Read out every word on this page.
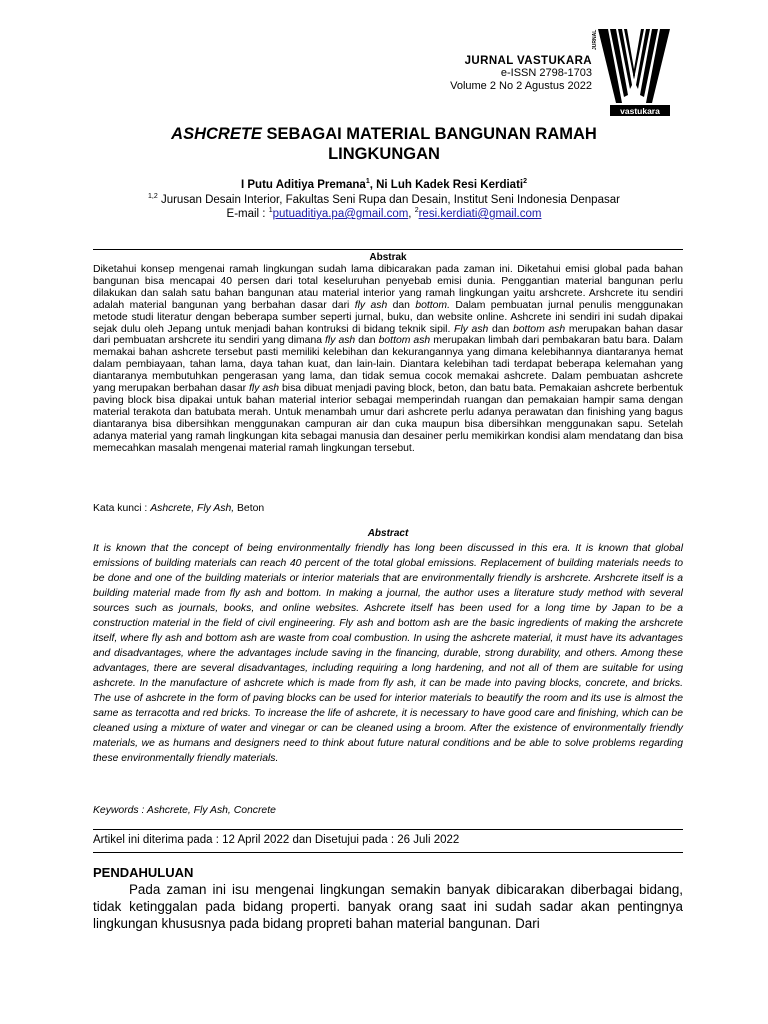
JURNAL VASTUKARA
e-ISSN 2798-1703
Volume 2 No 2 Agustus 2022
JURNAL
vastukara
ASHCRETE SEBAGAI MATERIAL BANGUNAN RAMAH
LINGKUNGAN
I Putu Aditiya Premana$^1$, Ni Luh Kadek Resi Kerdiati$^2$
$^{1,2}$ Jurusan Desain Interior, Fakultas Seni Rupa dan Desain, Institut Seni Indonesia Denpasar
E-mail : $^1$putuaditiya.pa@gmail.com, $^2$resi.kerdiati@gmail.com
Abstrak
Diketahui konsep mengenai ramah lingkungan sudah lama dibicarakan pada zaman ini. Diketahui emisi global pada bahan bangunan bisa mencapai 40 persen dari total keseluruhan penyebab emisi dunia. Penggantian material bangunan perlu dilakukan dan salah satu bahan bangunan atau material interior yang ramah lingkungan yaitu arshcrete. Arshcrete itu sendiri adalah material bangunan yang berbahan dasar dari fly ash dan bottom. Dalam pembuatan jurnal penulis menggunakan metode studi literatur dengan beberapa sumber seperti jurnal, buku, dan website online. Ashcrete ini sendiri ini sudah dipakai sejak dulu oleh Jepang untuk menjadi bahan kontruksi di bidang teknik sipil. Fly ash dan bottom ash merupakan bahan dasar dari pembuatan arshcrete itu sendiri yang dimana fly ash dan bottom ash merupakan limbah dari pembakaran batu bara. Dalam memakai bahan ashcrete tersebut pasti memiliki kelebihan dan kekurangannya yang dimana kelebihannya diantaranya hemat dalam pembiayaan, tahan lama, daya tahan kuat, dan lain-lain. Diantara kelebihan tadi terdapat beberapa kelemahan yang diantaranya membutuhkan pengerasan yang lama, dan tidak semua cocok memakai ashcrete. Dalam pembuatan ashcrete yang merupakan berbahan dasar fly ash bisa dibuat menjadi paving block, beton, dan batu bata. Pemakaian ashcrete berbentuk paving block bisa dipakai untuk bahan material interior sebagai memperindah ruangan dan pemakaian hampir sama dengan material terakota dan batubata merah. Untuk menambah umur dari ashcrete perlu adanya perawatan dan finishing yang bagus diantaranya bisa dibersihkan menggunakan campuran air dan cuka maupun bisa dibersihkan menggunakan sapu. Setelah adanya material yang ramah lingkungan kita sebagai manusia dan desainer perlu memikirkan kondisi alam mendatang dan bisa memecahkan masalah mengenai material ramah lingkungan tersebut.
Kata kunci : Ashcrete, Fly Ash, Beton
Abstract
It is known that the concept of being environmentally friendly has long been discussed in this era. It is known that global emissions of building materials can reach 40 percent of the total global emissions. Replacement of building materials needs to be done and one of the building materials or interior materials that are environmentally friendly is arshcrete. Arshcrete itself is a building material made from fly ash and bottom. In making a journal, the author uses a literature study method with several sources such as journals, books, and online websites. Ashcrete itself has been used for a long time by Japan to be a construction material in the field of civil engineering. Fly ash and bottom ash are the basic ingredients of making the arshcrete itself, where fly ash and bottom ash are waste from coal combustion. In using the ashcrete material, it must have its advantages and disadvantages, where the advantages include saving in the financing, durable, strong durability, and others. Among these advantages, there are several disadvantages, including requiring a long hardening, and not all of them are suitable for using ashcrete. In the manufacture of ashcrete which is made from fly ash, it can be made into paving blocks, concrete, and bricks. The use of ashcrete in the form of paving blocks can be used for interior materials to beautify the room and its use is almost the same as terracotta and red bricks. To increase the life of ashcrete, it is necessary to have good care and finishing, which can be cleaned using a mixture of water and vinegar or can be cleaned using a broom. After the existence of environmentally friendly materials, we as humans and designers need to think about future natural conditions and be able to solve problems regarding these environmentally friendly materials.
Keywords : Ashcrete, Fly Ash, Concrete
Artikel ini diterima pada : 12 April 2022 dan Disetujui pada : 26 Juli 2022
PENDAHULUAN
Pada zaman ini isu mengenai lingkungan semakin banyak dibicarakan diberbagai bidang, tidak ketinggalan pada bidang properti. banyak orang saat ini sudah sadar akan pentingnya lingkungan khususnya pada bidang propreti bahan material bangunan. Dari
